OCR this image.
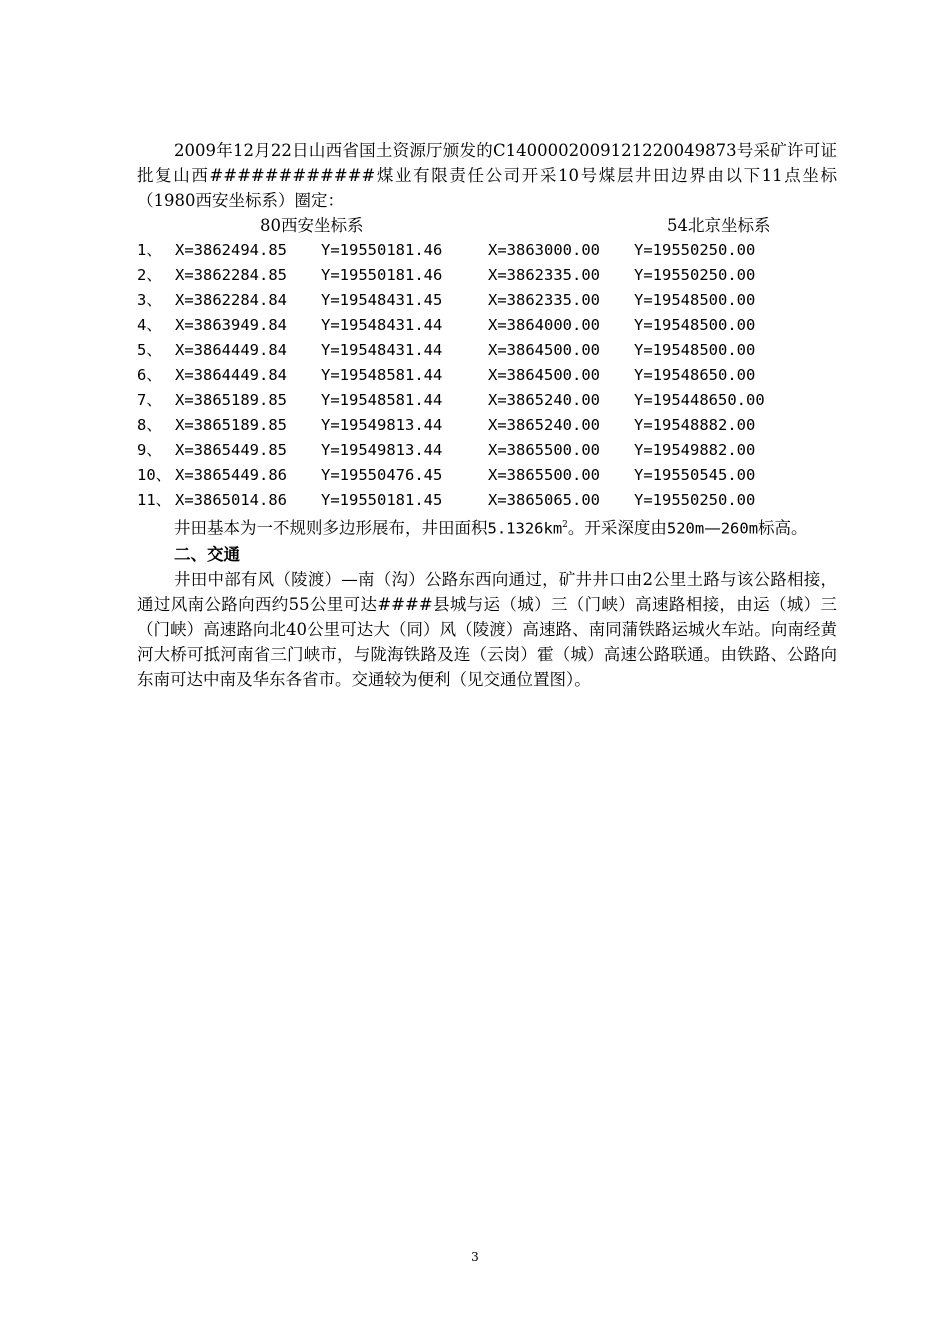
2009年12月22日山西省国土资源厅颁发的C1400002009121220049873号采矿许可证批复山西############煤业有限责任公司开采10号煤层井田边界由以下11点坐标（1980西安坐标系）圈定：

80西安坐标系	54北京坐标系
1、	X=3862494.85	Y=19550181.46	X=3863000.00	Y=19550250.00
2、	X=3862284.85	Y=19550181.46	X=3862335.00	Y=19550250.00
3、	X=3862284.84	Y=19548431.45	X=3862335.00	Y=19548500.00
4、	X=3863949.84	Y=19548431.44	X=3864000.00	Y=19548500.00
5、	X=3864449.84	Y=19548431.44	X=3864500.00	Y=19548500.00
6、	X=3864449.84	Y=19548581.44	X=3864500.00	Y=19548650.00
7、	X=3865189.85	Y=19548581.44	X=3865240.00	Y=195448650.00
8、	X=3865189.85	Y=19549813.44	X=3865240.00	Y=19548882.00
9、	X=3865449.85	Y=19549813.44	X=3865500.00	Y=19549882.00
10、	X=3865449.86	Y=19550476.45	X=3865500.00	Y=19550545.00
11、	X=3865014.86	Y=19550181.45	X=3865065.00	Y=19550250.00

井田基本为一不规则多边形展布，井田面积$5.1326km^2$。开采深度由520m—260m标高。

二、交通

井田中部有风（陵渡）—南（沟）公路东西向通过，矿井井口由2公里土路与该公路相接，通过风南公路向西约55公里可达####县城与运（城）三（门峡）高速路相接，由运（城）三（门峡）高速路向北40公里可达大（同）风（陵渡）高速路、南同蒲铁路运城火车站。向南经黄河大桥可抵河南省三门峡市，与陇海铁路及连（云岗）霍（城）高速公路联通。由铁路、公路向东南可达中南及华东各省市。交通较为便利（见交通位置图）。

3
